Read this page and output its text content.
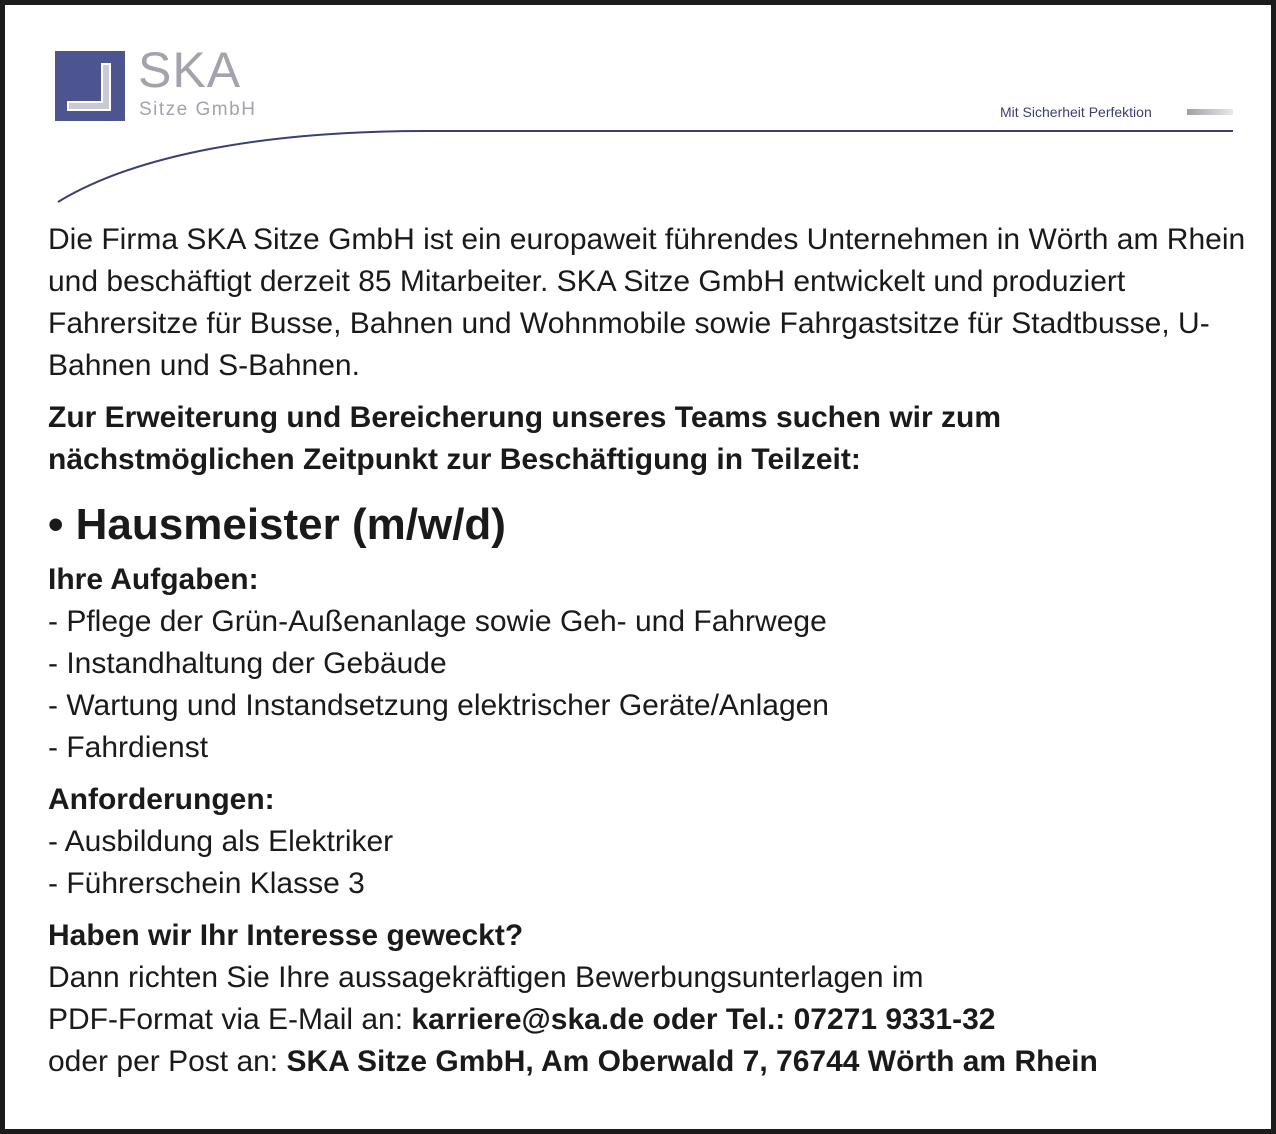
SKA
Sitze GmbH	Mit Sicherheit Perfektion

Die Firma SKA Sitze GmbH ist ein europaweit führendes Unternehmen in Wörth am Rhein und beschäftigt derzeit 85 Mitarbeiter. SKA Sitze GmbH entwickelt und produziert Fahrersitze für Busse, Bahnen und Wohnmobile sowie Fahrgastsitze für Stadtbusse, U-Bahnen und S-Bahnen.

Zur Erweiterung und Bereicherung unseres Teams suchen wir zum nächstmöglichen Zeitpunkt zur Beschäftigung in Teilzeit:

• Hausmeister (m/w/d)
Ihre Aufgaben:
- Pflege der Grün-Außenanlage sowie Geh- und Fahrwege
- Instandhaltung der Gebäude
- Wartung und Instandsetzung elektrischer Geräte/Anlagen
- Fahrdienst
Anforderungen:
- Ausbildung als Elektriker
- Führerschein Klasse 3
Haben wir Ihr Interesse geweckt?

Dann richten Sie Ihre aussagekräftigen Bewerbungsunterlagen im

PDF-Format via E-Mail an: karriere@ska.de oder Tel.: 07271 9331-32

oder per Post an: SKA Sitze GmbH, Am Oberwald 7, 76744 Wörth am Rhein
